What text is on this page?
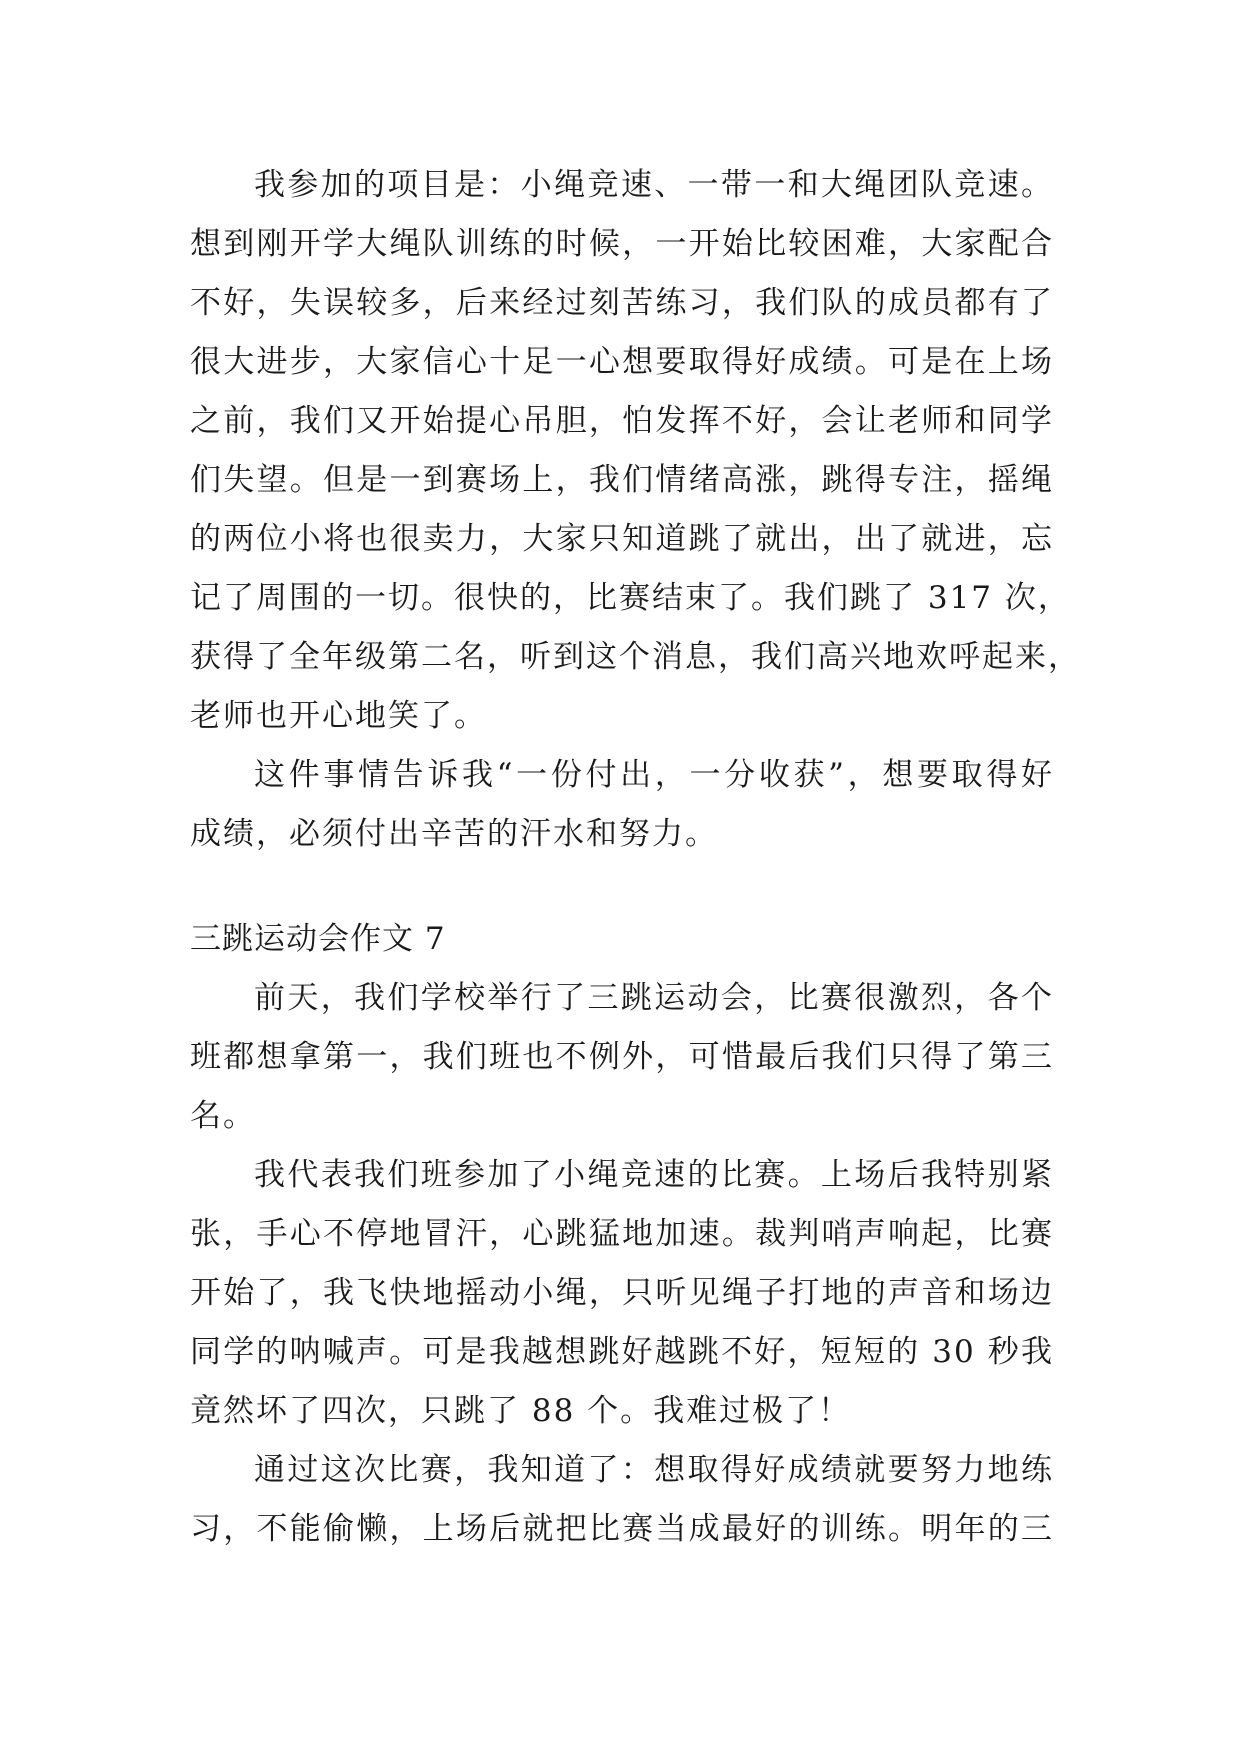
我参加的项目是：小绳竞速、一带一和大绳团队竞速。
想到刚开学大绳队训练的时候，一开始比较困难，大家配合
不好，失误较多，后来经过刻苦练习，我们队的成员都有了
很大进步，大家信心十足一心想要取得好成绩。可是在上场
之前，我们又开始提心吊胆，怕发挥不好，会让老师和同学
们失望。但是一到赛场上，我们情绪高涨，跳得专注，摇绳
的两位小将也很卖力，大家只知道跳了就出，出了就进，忘
记了周围的一切。很快的，比赛结束了。我们跳了 317 次，
获得了全年级第二名，听到这个消息，我们高兴地欢呼起来，
老师也开心地笑了。
这件事情告诉我“一份付出，一分收获”，想要取得好
成绩，必须付出辛苦的汗水和努力。
三跳运动会作文 7
前天，我们学校举行了三跳运动会，比赛很激烈，各个
班都想拿第一，我们班也不例外，可惜最后我们只得了第三
名。
我代表我们班参加了小绳竞速的比赛。上场后我特别紧
张，手心不停地冒汗，心跳猛地加速。裁判哨声响起，比赛
开始了，我飞快地摇动小绳，只听见绳子打地的声音和场边
同学的呐喊声。可是我越想跳好越跳不好，短短的 30 秒我
竟然坏了四次，只跳了 88 个。我难过极了！
通过这次比赛，我知道了：想取得好成绩就要努力地练
习，不能偷懒，上场后就把比赛当成最好的训练。明年的三
